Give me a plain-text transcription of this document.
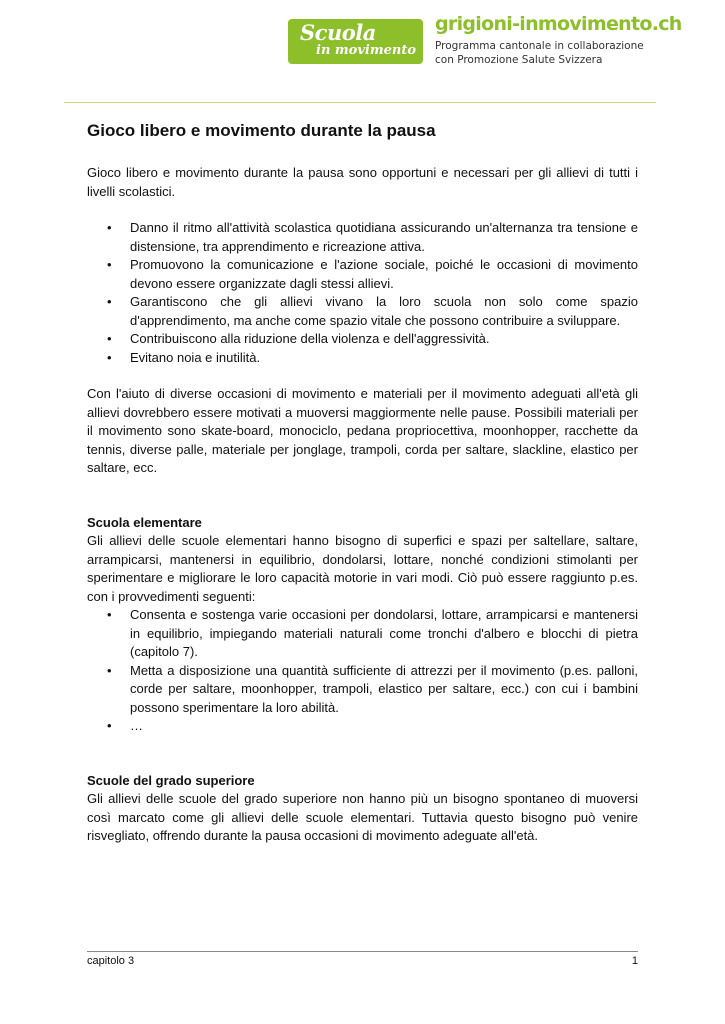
Scuola
in movimento
grigioni-inmovimento.ch
Programma cantonale in collaborazione
con Promozione Salute Svizzera
Gioco libero e movimento durante la pausa

Gioco libero e movimento durante la pausa sono opportuni e necessari per gli allievi di tutti i livelli scolastici.

• Danno il ritmo all'attività scolastica quotidiana assicurando un'alternanza tra tensione e distensione, tra apprendimento e ricreazione attiva.
• Promuovono la comunicazione e l'azione sociale, poiché le occasioni di movimento devono essere organizzate dagli stessi allievi.
• Garantiscono che gli allievi vivano la loro scuola non solo come spazio d'apprendimento, ma anche come spazio vitale che possono contribuire a sviluppare.
• Contribuiscono alla riduzione della violenza e dell'aggressività.
• Evitano noia e inutilità.

Con l'aiuto di diverse occasioni di movimento e materiali per il movimento adeguati all'età gli allievi dovrebbero essere motivati a muoversi maggiormente nelle pause. Possibili materiali per il movimento sono skate-board, monociclo, pedana propriocettiva, moonhopper, racchette da tennis, diverse palle, materiale per jonglage, trampoli, corda per saltare, slackline, elastico per saltare, ecc.

Scuola elementare

Gli allievi delle scuole elementari hanno bisogno di superfici e spazi per saltellare, saltare, arrampicarsi, mantenersi in equilibrio, dondolarsi, lottare, nonché condizioni stimolanti per sperimentare e migliorare le loro capacità motorie in vari modi. Ciò può essere raggiunto p.es. con i provvedimenti seguenti:

• Consenta e sostenga varie occasioni per dondolarsi, lottare, arrampicarsi e mantenersi in equilibrio, impiegando materiali naturali come tronchi d'albero e blocchi di pietra (capitolo 7).
• Metta a disposizione una quantità sufficiente di attrezzi per il movimento (p.es. palloni, corde per saltare, moonhopper, trampoli, elastico per saltare, ecc.) con cui i bambini possono sperimentare la loro abilità.
• …
Scuole del grado superiore

Gli allievi delle scuole del grado superiore non hanno più un bisogno spontaneo di muoversi così marcato come gli allievi delle scuole elementari. Tuttavia questo bisogno può venire risvegliato, offrendo durante la pausa occasioni di movimento adeguate all'età.

capitolo 3	1
